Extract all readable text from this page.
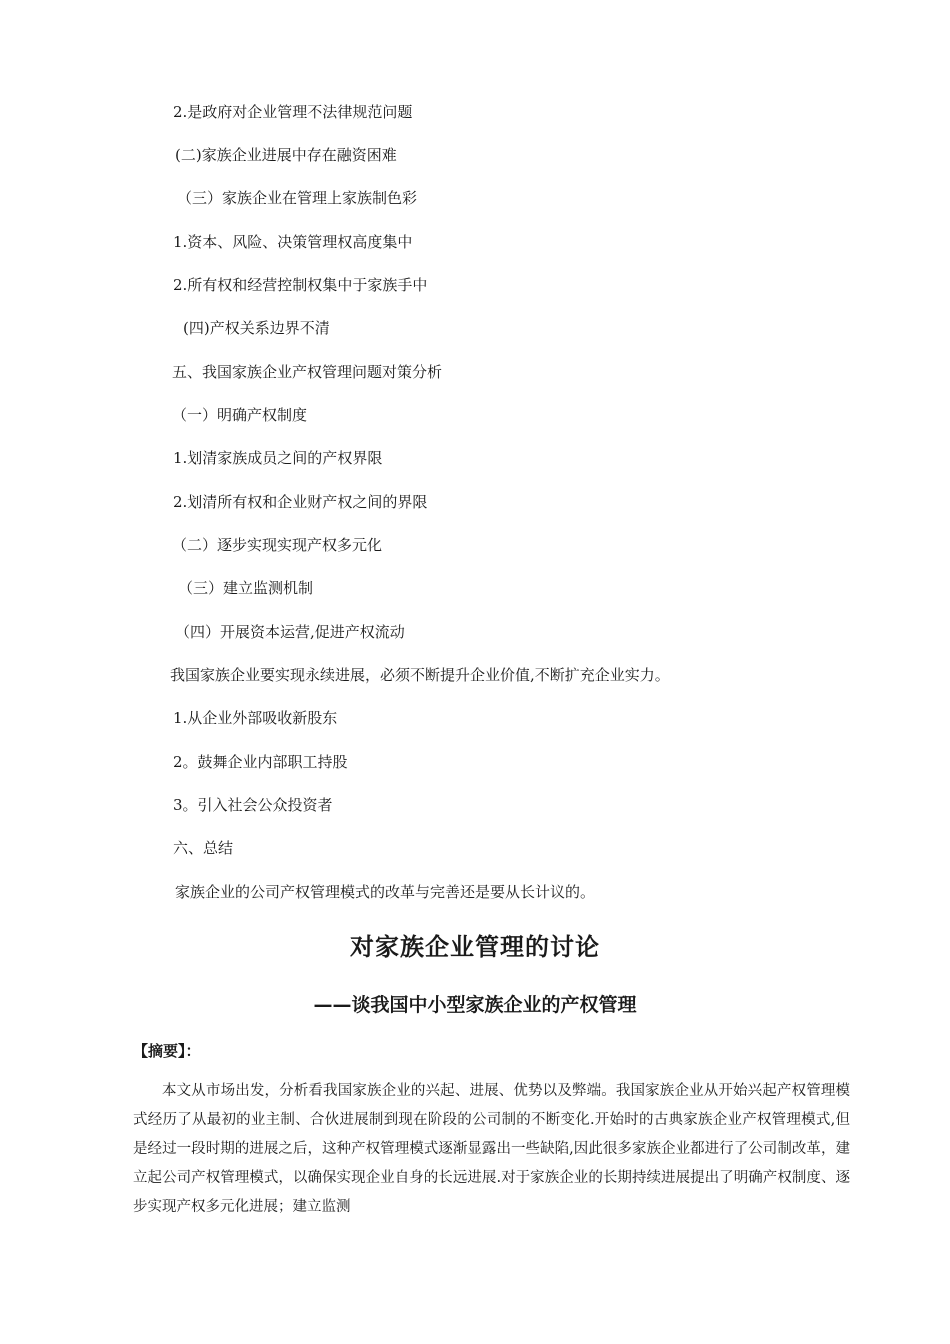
2.是政府对企业管理不法律规范问题
(二)家族企业进展中存在融资困难
（三）家族企业在管理上家族制色彩
1.资本、风险、决策管理权高度集中
2.所有权和经营控制权集中于家族手中
(四)产权关系边界不清
五、我国家族企业产权管理问题对策分析
（一）明确产权制度
1.划清家族成员之间的产权界限
2.划清所有权和企业财产权之间的界限
（二）逐步实现实现产权多元化
（三）建立监测机制
（四）开展资本运营,促进产权流动
我国家族企业要实现永续进展，必须不断提升企业价值,不断扩充企业实力。
1.从企业外部吸收新股东
2。鼓舞企业内部职工持股
3。引入社会公众投资者
六、总结
家族企业的公司产权管理模式的改革与完善还是要从长计议的。
对家族企业管理的讨论
——谈我国中小型家族企业的产权管理
【摘要】：

本文从市场出发，分析看我国家族企业的兴起、进展、优势以及弊端。我国家族企业从开始兴起产权管理模式经历了从最初的业主制、合伙进展制到现在阶段的公司制的不断变化.开始时的古典家族企业产权管理模式,但是经过一段时期的进展之后，这种产权管理模式逐渐显露出一些缺陷,因此很多家族企业都进行了公司制改革，建立起公司产权管理模式，以确保实现企业自身的长远进展.对于家族企业的长期持续进展提出了明确产权制度、逐步实现产权多元化进展；建立监测
